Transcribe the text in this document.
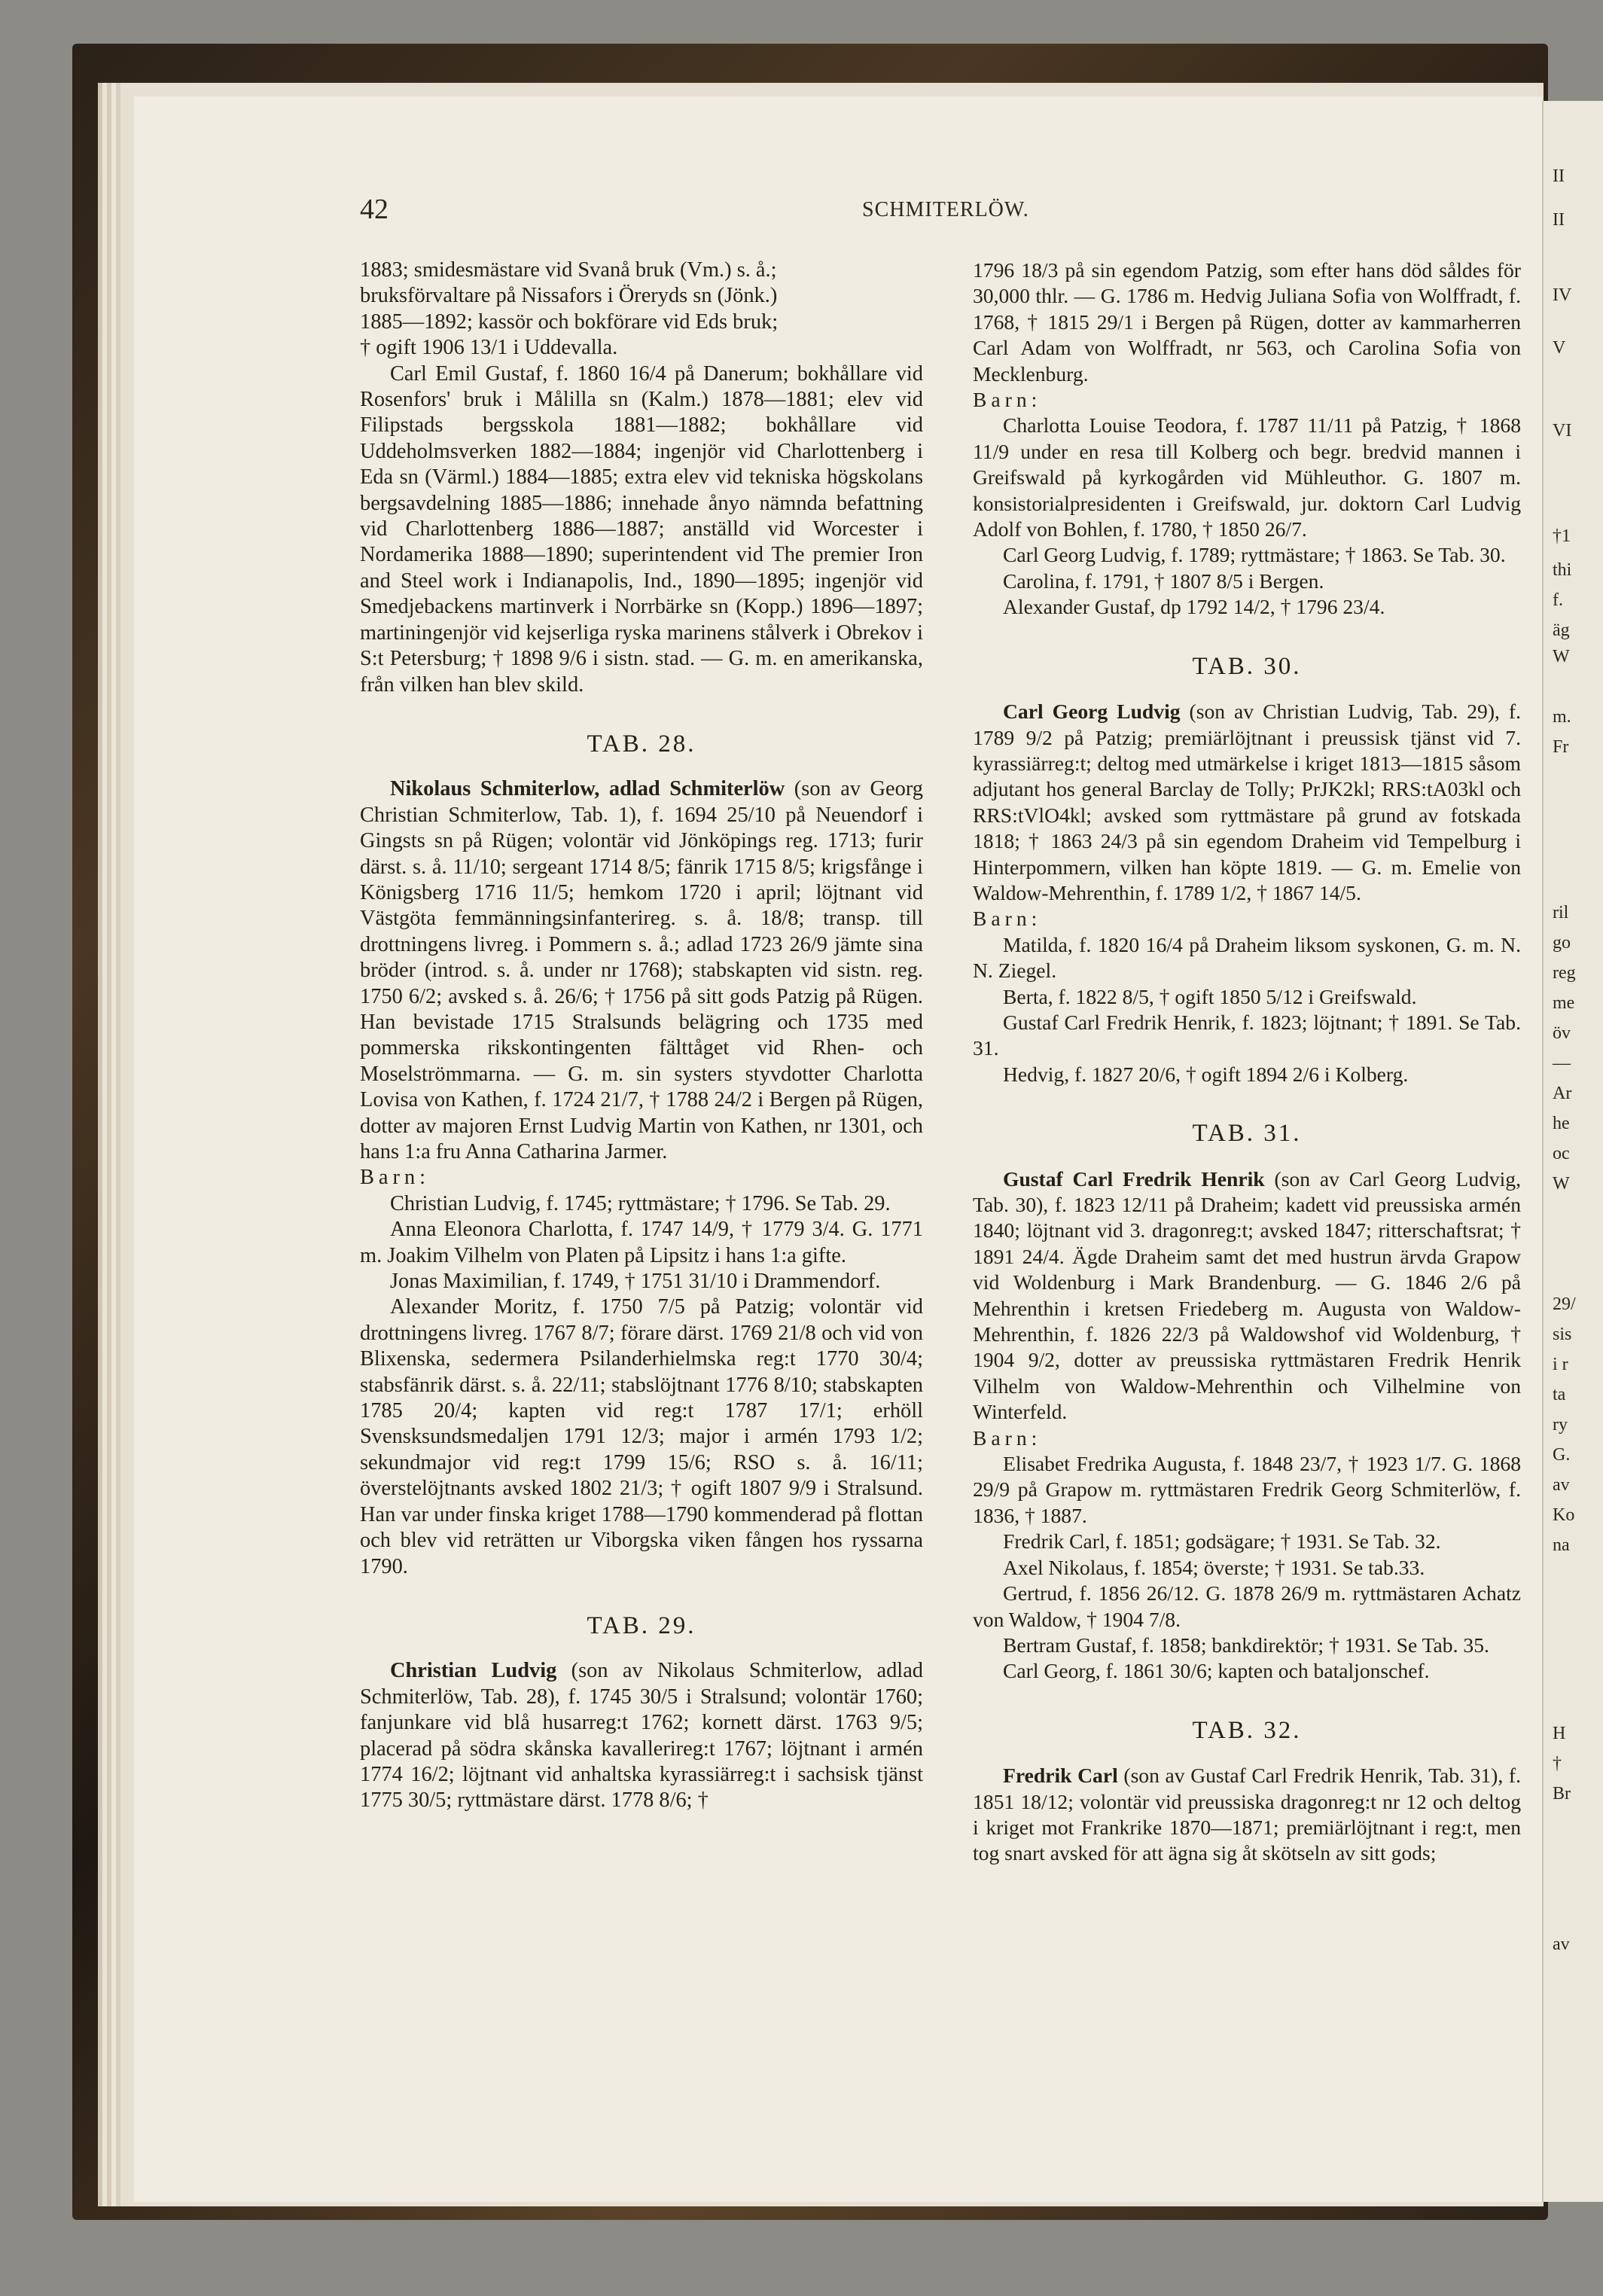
42	SCHMITERLÖW.

1883; smidesmästare vid Svanå bruk (Vm.) s. å.;

bruksförvaltare på Nissafors i Öreryds sn (Jönk.)

1885—1892; kassör och bokförare vid Eds bruk;

† ogift 1906 13/1 i Uddevalla.

Carl Emil Gustaf, f. 1860 16/4 på Danerum; bokhållare vid Rosenfors' bruk i Målilla sn (Kalm.) 1878—1881; elev vid Filipstads bergsskola 1881—1882; bokhållare vid Uddeholmsverken 1882—1884; ingenjör vid Charlottenberg i Eda sn (Värml.) 1884—1885; extra elev vid tekniska högskolans bergsavdelning 1885—1886; innehade ånyo nämnda befattning vid Charlottenberg 1886—1887; anställd vid Worcester i Nordamerika 1888—1890; superintendent vid The premier Iron and Steel work i Indianapolis, Ind., 1890—1895; ingenjör vid Smedjebackens martinverk i Norrbärke sn (Kopp.) 1896—1897; martiningenjör vid kejserliga ryska marinens stålverk i Obrekov i S:t Petersburg; † 1898 9/6 i sistn. stad. — G. m. en amerikanska, från vilken han blev skild.

TAB. 28.

Nikolaus Schmiterlow, adlad Schmiterlöw (son av Georg Christian Schmiterlow, Tab. 1), f. 1694 25/10 på Neuendorf i Gingsts sn på Rügen; volontär vid Jönköpings reg. 1713; furir därst. s. å. 11/10; sergeant 1714 8/5; fänrik 1715 8/5; krigsfånge i Königsberg 1716 11/5; hemkom 1720 i april; löjtnant vid Västgöta femmänningsinfanterireg. s. å. 18/8; transp. till drottningens livreg. i Pommern s. å.; adlad 1723 26/9 jämte sina bröder (introd. s. å. under nr 1768); stabskapten vid sistn. reg. 1750 6/2; avsked s. å. 26/6; † 1756 på sitt gods Patzig på Rügen. Han bevistade 1715 Stralsunds belägring och 1735 med pommerska rikskontingenten fälttåget vid Rhen- och Moselströmmarna. — G. m. sin systers styvdotter Charlotta Lovisa von Kathen, f. 1724 21/7, † 1788 24/2 i Bergen på Rügen, dotter av majoren Ernst Ludvig Martin von Kathen, nr 1301, och hans 1:a fru Anna Catharina Jarmer.

Barn:

Christian Ludvig, f. 1745; ryttmästare; † 1796. Se Tab. 29.

Anna Eleonora Charlotta, f. 1747 14/9, † 1779 3/4. G. 1771 m. Joakim Vilhelm von Platen på Lipsitz i hans 1:a gifte.

Jonas Maximilian, f. 1749, † 1751 31/10 i Drammendorf.

Alexander Moritz, f. 1750 7/5 på Patzig; volontär vid drottningens livreg. 1767 8/7; förare därst. 1769 21/8 och vid von Blixenska, sedermera Psilanderhielmska reg:t 1770 30/4; stabsfänrik därst. s. å. 22/11; stabslöjtnant 1776 8/10; stabskapten 1785 20/4; kapten vid reg:t 1787 17/1; erhöll Svensksundsmedaljen 1791 12/3; major i armén 1793 1/2; sekundmajor vid reg:t 1799 15/6; RSO s. å. 16/11; överstelöjtnants avsked 1802 21/3; † ogift 1807 9/9 i Stralsund. Han var under finska kriget 1788—1790 kommenderad på flottan och blev vid reträtten ur Viborgska viken fången hos ryssarna 1790.

TAB. 29.

Christian Ludvig (son av Nikolaus Schmiterlow, adlad Schmiterlöw, Tab. 28), f. 1745 30/5 i Stralsund; volontär 1760; fanjunkare vid blå husarreg:t 1762; kornett därst. 1763 9/5; placerad på södra skånska kavallerireg:t 1767; löjtnant i armén 1774 16/2; löjtnant vid anhaltska kyrassiärreg:t i sachsisk tjänst 1775 30/5; ryttmästare därst. 1778 8/6; †

1796 18/3 på sin egendom Patzig, som efter hans död såldes för 30,000 thlr. — G. 1786 m. Hedvig Juliana Sofia von Wolffradt, f. 1768, † 1815 29/1 i Bergen på Rügen, dotter av kammarherren Carl Adam von Wolffradt, nr 563, och Carolina Sofia von Mecklenburg.

Barn:

Charlotta Louise Teodora, f. 1787 11/11 på Patzig, † 1868 11/9 under en resa till Kolberg och begr. bredvid mannen i Greifswald på kyrkogården vid Mühleuthor. G. 1807 m. konsistorialpresidenten i Greifswald, jur. doktorn Carl Ludvig Adolf von Bohlen, f. 1780, † 1850 26/7.

Carl Georg Ludvig, f. 1789; ryttmästare; † 1863. Se Tab. 30.

Carolina, f. 1791, † 1807 8/5 i Bergen.

Alexander Gustaf, dp 1792 14/2, † 1796 23/4.

TAB. 30.

Carl Georg Ludvig (son av Christian Ludvig, Tab. 29), f. 1789 9/2 på Patzig; premiärlöjtnant i preussisk tjänst vid 7. kyrassiärreg:t; deltog med utmärkelse i kriget 1813—1815 såsom adjutant hos general Barclay de Tolly; PrJK2kl; RRS:tA03kl och RRS:tVlO4kl; avsked som ryttmästare på grund av fotskada 1818; † 1863 24/3 på sin egendom Draheim vid Tempelburg i Hinterpommern, vilken han köpte 1819. — G. m. Emelie von Waldow-Mehrenthin, f. 1789 1/2, † 1867 14/5.

Barn:

Matilda, f. 1820 16/4 på Draheim liksom syskonen, G. m. N. N. Ziegel.

Berta, f. 1822 8/5, † ogift 1850 5/12 i Greifswald.

Gustaf Carl Fredrik Henrik, f. 1823; löjtnant; † 1891. Se Tab. 31.

Hedvig, f. 1827 20/6, † ogift 1894 2/6 i Kolberg.

TAB. 31.

Gustaf Carl Fredrik Henrik (son av Carl Georg Ludvig, Tab. 30), f. 1823 12/11 på Draheim; kadett vid preussiska armén 1840; löjtnant vid 3. dragonreg:t; avsked 1847; ritterschaftsrat; † 1891 24/4. Ägde Draheim samt det med hustrun ärvda Grapow vid Woldenburg i Mark Brandenburg. — G. 1846 2/6 på Mehrenthin i kretsen Friedeberg m. Augusta von Waldow-Mehrenthin, f. 1826 22/3 på Waldowshof vid Woldenburg, † 1904 9/2, dotter av preussiska ryttmästaren Fredrik Henrik Vilhelm von Waldow-Mehrenthin och Vilhelmine von Winterfeld.

Barn:

Elisabet Fredrika Augusta, f. 1848 23/7, † 1923 1/7. G. 1868 29/9 på Grapow m. ryttmästaren Fredrik Georg Schmiterlöw, f. 1836, † 1887.

Fredrik Carl, f. 1851; godsägare; † 1931. Se Tab. 32.

Axel Nikolaus, f. 1854; överste; † 1931. Se tab.33.

Gertrud, f. 1856 26/12. G. 1878 26/9 m. ryttmästaren Achatz von Waldow, † 1904 7/8.

Bertram Gustaf, f. 1858; bankdirektör; † 1931. Se Tab. 35.

Carl Georg, f. 1861 30/6; kapten och bataljonschef.

TAB. 32.

Fredrik Carl (son av Gustaf Carl Fredrik Henrik, Tab. 31), f. 1851 18/12; volontär vid preussiska dragonreg:t nr 12 och deltog i kriget mot Frankrike 1870—1871; premiärlöjtnant i reg:t, men tog snart avsked för att ägna sig åt skötseln av sitt gods;

II
II
IV
V
VI
†1
thi
f.
äg
W
m.
Fr
ril
go
reg
me
öv
—
Ar
he
oc
W
29/
sis
i r
ta
ry
G.
av
Ko
na
H
†
Br
av
